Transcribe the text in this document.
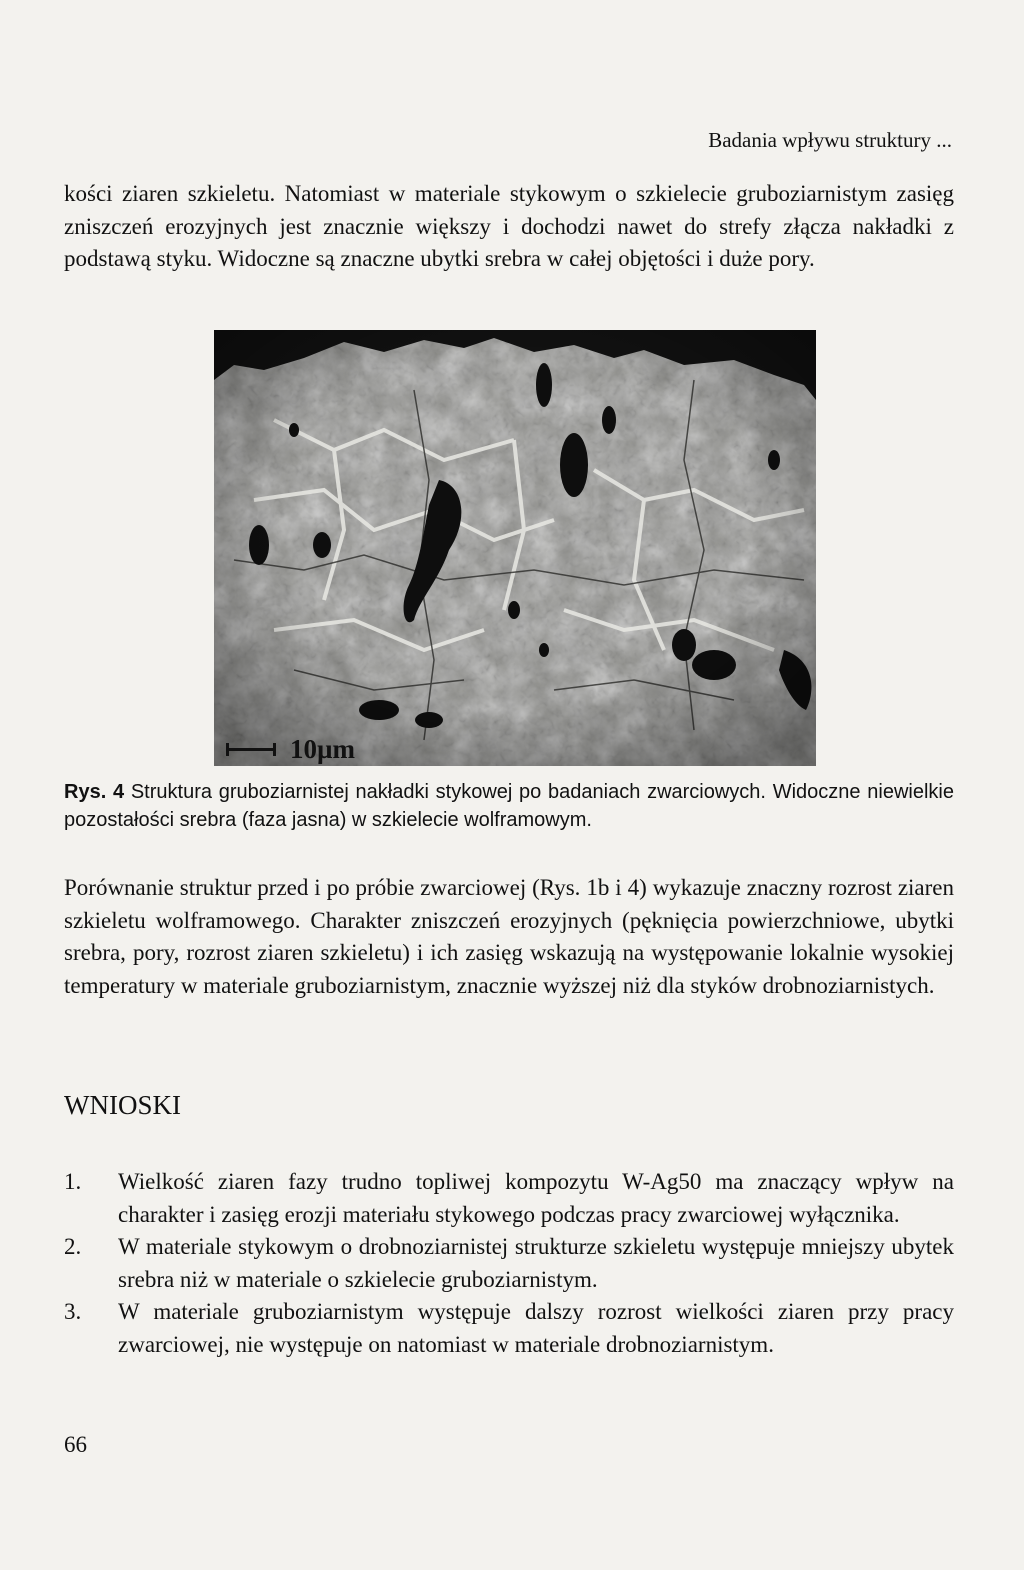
Badania wpływu struktury ...

kości ziaren szkieletu. Natomiast w materiale stykowym o szkielecie gruboziarnistym zasięg zniszczeń erozyjnych jest znacznie większy i dochodzi nawet do strefy złącza nakładki z podstawą styku. Widoczne są znaczne ubytki srebra w całej objętości i duże pory.

10µm
Rys. 4 Struktura gruboziarnistej nakładki stykowej po badaniach zwarciowych. Widoczne niewielkie pozostałości srebra (faza jasna) w szkielecie wolframowym.

Porównanie struktur przed i po próbie zwarciowej (Rys. 1b i 4) wykazuje znaczny rozrost ziaren szkieletu wolframowego. Charakter zniszczeń erozyjnych (pęknięcia powierzchniowe, ubytki srebra, pory, rozrost ziaren szkieletu) i ich zasięg wskazują na występowanie lokalnie wysokiej temperatury w materiale gruboziarnistym, znacznie wyższej niż dla styków drobnoziarnistych.

WNIOSKI
1.	Wielkość ziaren fazy trudno topliwej kompozytu W-Ag50 ma znaczący wpływ na charakter i zasięg erozji materiału stykowego podczas pracy zwarciowej wyłącznika.
2.	W materiale stykowym o drobnoziarnistej strukturze szkieletu występuje mniejszy ubytek srebra niż w materiale o szkielecie gruboziarnistym.
3.	W materiale gruboziarnistym występuje dalszy rozrost wielkości ziaren przy pracy zwarciowej, nie występuje on natomiast w materiale drobnoziarnistym.
66
